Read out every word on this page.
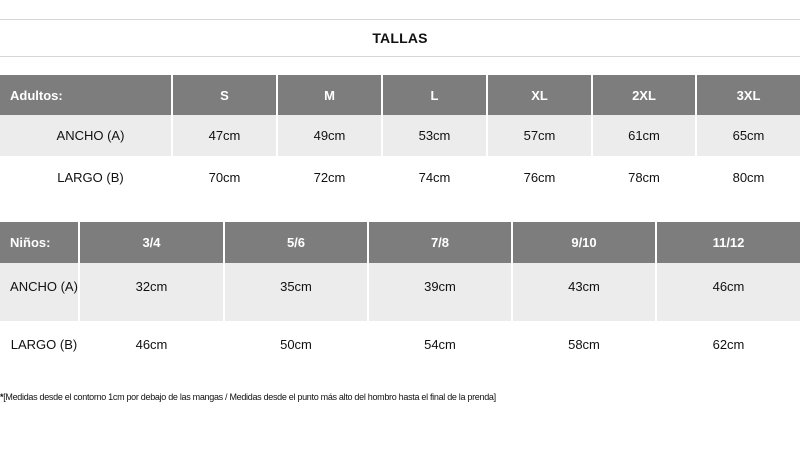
TALLAS
Adultos:	S	M	L	XL	2XL	3XL
ANCHO (A)	47cm	49cm	53cm	57cm	61cm	65cm
LARGO (B)	70cm	72cm	74cm	76cm	78cm	80cm
Niños:	3/4	5/6	7/8	9/10	11/12
ANCHO (A)	32cm	35cm	39cm	43cm	46cm
LARGO (B)	46cm	50cm	54cm	58cm	62cm
*[Medidas desde el contorno 1cm por debajo de las mangas / Medidas desde el punto más alto del hombro hasta el final de la prenda]
